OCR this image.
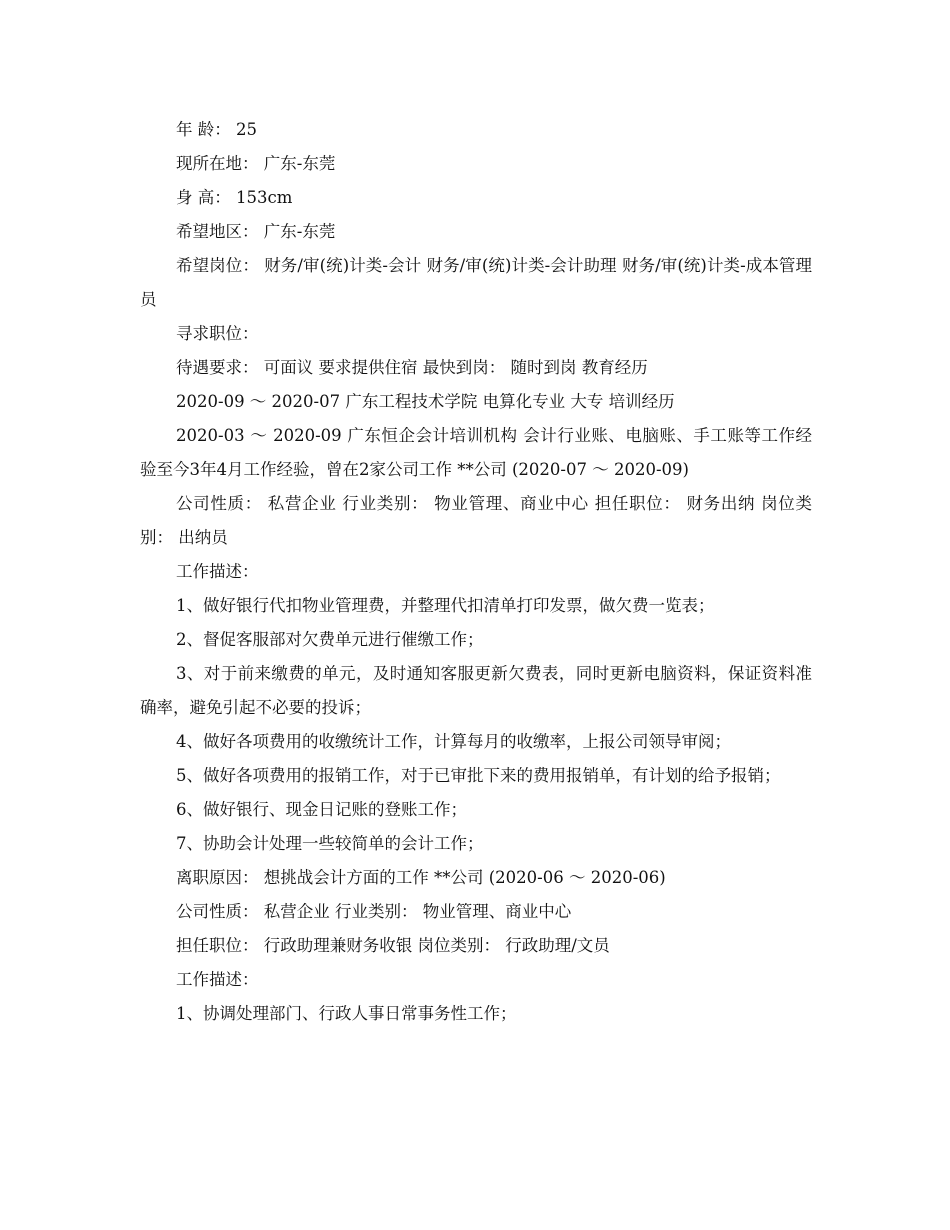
年 龄： 25

现所在地： 广东-东莞

身 高： 153cm

希望地区： 广东-东莞

希望岗位： 财务/审(统)计类-会计 财务/审(统)计类-会计助理 财务/审(统)计类-成本管理员

寻求职位：

待遇要求： 可面议 要求提供住宿 最快到岗： 随时到岗 教育经历

2020-09 ～ 2020-07 广东工程技术学院 电算化专业 大专 培训经历

2020-03 ～ 2020-09 广东恒企会计培训机构 会计行业账、电脑账、手工账等工作经验至今3年4月工作经验，曾在2家公司工作 **公司 (2020-07 ～ 2020-09)

公司性质： 私营企业 行业类别： 物业管理、商业中心 担任职位： 财务出纳 岗位类别： 出纳员

工作描述：

1、做好银行代扣物业管理费，并整理代扣清单打印发票，做欠费一览表；

2、督促客服部对欠费单元进行催缴工作；

3、对于前来缴费的单元，及时通知客服更新欠费表，同时更新电脑资料，保证资料准确率，避免引起不必要的投诉；

4、做好各项费用的收缴统计工作，计算每月的收缴率，上报公司领导审阅；

5、做好各项费用的报销工作，对于已审批下来的费用报销单，有计划的给予报销；

6、做好银行、现金日记账的登账工作；

7、协助会计处理一些较简单的会计工作；

离职原因： 想挑战会计方面的工作 **公司 (2020-06 ～ 2020-06)

公司性质： 私营企业 行业类别： 物业管理、商业中心

担任职位： 行政助理兼财务收银 岗位类别： 行政助理/文员

工作描述：

1、协调处理部门、行政人事日常事务性工作；
